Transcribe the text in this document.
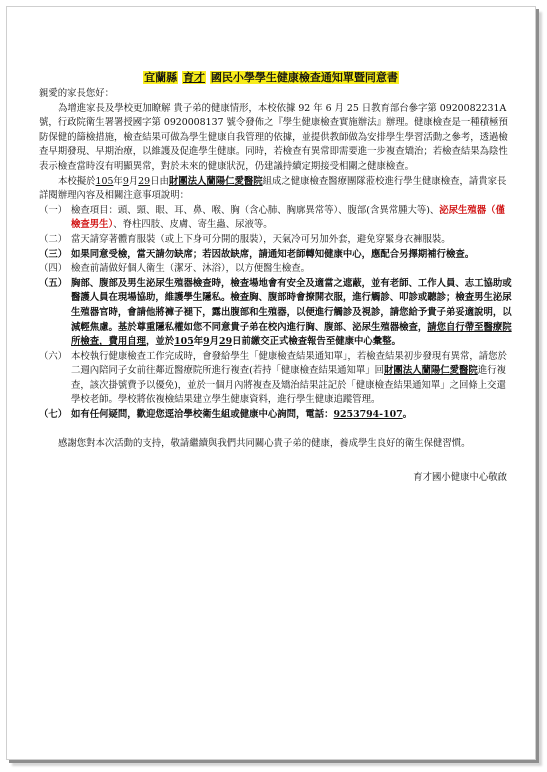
宜蘭縣 育才 國民小學學生健康檢查通知單暨同意書

親愛的家長您好：

為增進家長及學校更加瞭解 貴子弟的健康情形，本校依據 92 年 6 月 25 日教育部台參字第 0920082231A 號，行政院衛生署署授國字第 0920008137 號令發佈之『學生健康檢查實施辦法』辦理。健康檢查是一種積極預防保健的篩檢措施，檢查結果可做為學生健康自我管理的依據，並提供教師做為安排學生學習活動之參考，透過檢查早期發現、早期治療，以維護及促進學生健康。同時，若檢查有異常即需要進一步複查矯治；若檢查結果為陰性表示檢查當時沒有明顯異常，對於未來的健康狀況，仍建議持續定期接受相關之健康檢查。

本校擬於105年9月29日由財團法人蘭陽仁愛醫院組成之健康檢查醫療團隊蒞校進行學生健康檢查，請貴家長詳閱辦理內容及相關注意事項說明：

（一） 檢查項目：頭、頸、眼、耳、鼻、喉、胸（含心肺、胸廓異常等）、腹部(含異常腫大等)、泌尿生殖器（僅檢查男生）、脊柱四肢、皮膚、寄生蟲、尿液等。
（二） 當天請穿著體育服裝（或上下身可分開的服裝），天氣冷可另加外套，避免穿緊身衣褲服裝。
（三） 如果同意受檢，當天請勿缺席；若因故缺席，請通知老師轉知健康中心，應配合另擇期補行檢查。
（四） 檢查前請做好個人衛生（潔牙、沐浴），以方便醫生檢查。
（五） 胸部、腹部及男生泌尿生殖器檢查時，檢查場地會有安全及適當之遮蔽，並有老師、工作人員、志工協助或醫護人員在現場協助，維護學生隱私。檢查胸、腹部時會撩開衣服，進行觸診、叩診或聽診；檢查男生泌尿生殖器官時，會請他將褲子褪下，露出腹部和生殖器，以便進行觸診及視診，請您給予貴子弟妥適說明，以減輕焦慮。基於尊重隱私權如您不同意貴子弟在校內進行胸、腹部、泌尿生殖器檢查，請您自行帶至醫療院所檢查，費用自理，並於105年9月29日前繳交正式檢查報告至健康中心彙整。
（六） 本校執行健康檢查工作完成時，會發給學生「健康檢查結果通知單」，若檢查結果初步發現有異常，請您於二週內陪同子女前往鄰近醫療院所進行複查(若持「健康檢查結果通知單」回財團法人蘭陽仁愛醫院進行複查，該次掛號費予以優免)，並於一個月內將複查及矯治結果註記於「健康檢查結果通知單」之回條上交還學校老師。學校將依複檢結果建立學生健康資料，進行學生健康追蹤管理。
（七） 如有任何疑問，歡迎您逕洽學校衛生組或健康中心詢問，電話：9253794-107。

感謝您對本次活動的支持，敬請繼續與我們共同關心貴子弟的健康，養成學生良好的衛生保健習慣。

育才國小健康中心敬啟
